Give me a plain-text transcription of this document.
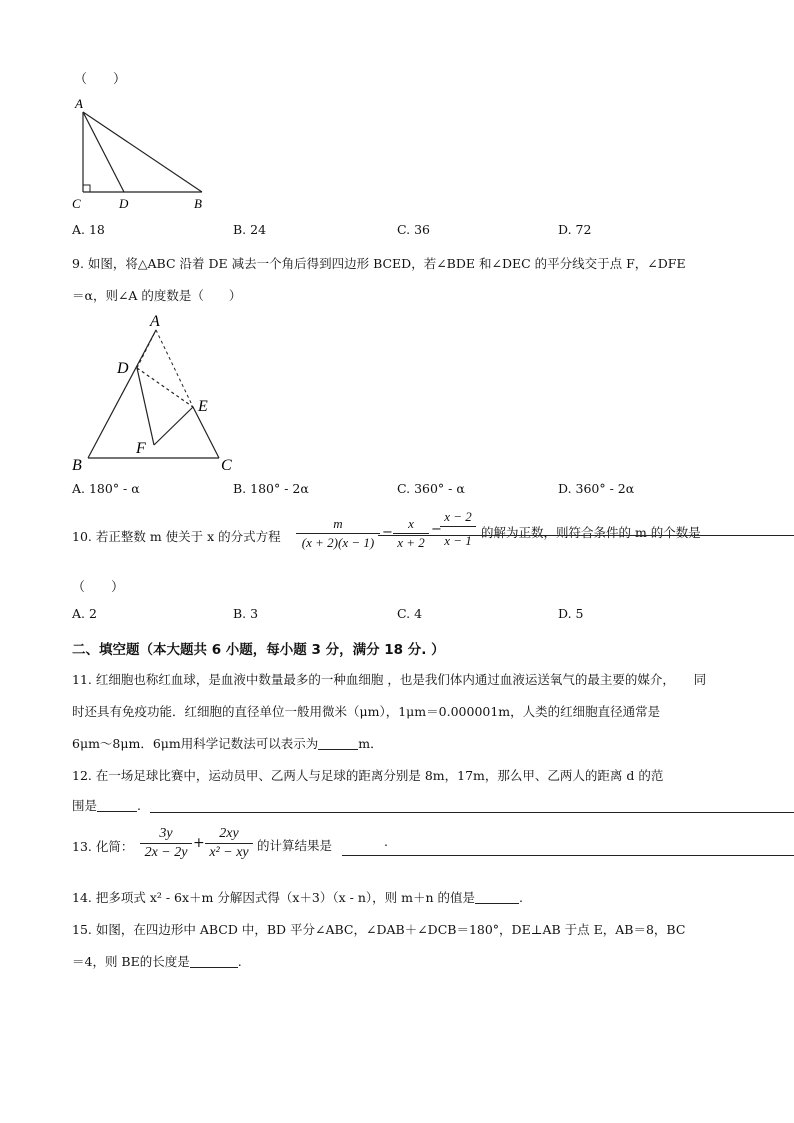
（　　）
A
C	D	B
A. 18	B. 24	C. 36	D. 72
9. 如图，将△ABC 沿着 DE 减去一个角后得到四边形 BCED，若∠BDE 和∠DEC 的平分线交于点 F，∠DFE
＝α，则∠A 的度数是（　　）
A
D
E
F
B	C
A. 180° - α	B. 180° - 2α	C. 360° - α	D. 360° - 2α
10. 若正整数 m 使关于 x 的分式方程 $\frac{m}{(x + 2)(x - 1)} - \frac{x}{x + 2}$ −
$\frac{x - 2}{x - 1}$ 的解为正数，则符合条件的 m 的个数是
（　　）
A. 2	B. 3	C. 4	D. 5
二、填空题（本大题共 6 小题，每小题 3 分，满分 18 分. ）
11. 红细胞也称红血球，是血液中数量最多的一种血细胞 ，也是我们体内通过血液运送氧气的最主要的媒介，　　同
时还具有免疫功能．红细胞的直径单位一般用微米（μm），1μm＝0.000001m，人类的红细胞直径通常是
6μm～8μm．6μm用科学记数法可以表示为	m．
12. 在一场足球比赛中，运动员甲、乙两人与足球的距离分别是 8m，17m，那么甲、乙两人的距离 d 的范
围是	.
13. 化简： $\frac{3y}{2x - 2y} + \frac{2xy}{\text{x² − xy}}$ 的计算结果是	.
14. 把多项式 x² - 6x＋m 分解因式得（x＋3）（x - n），则 m＋n 的值是	.
15. 如图，在四边形中 ABCD 中，BD 平分∠ABC，∠DAB＋∠DCB＝180°，DE⊥AB 于点 E，AB＝8，BC
＝4，则 BE的长度是	.
